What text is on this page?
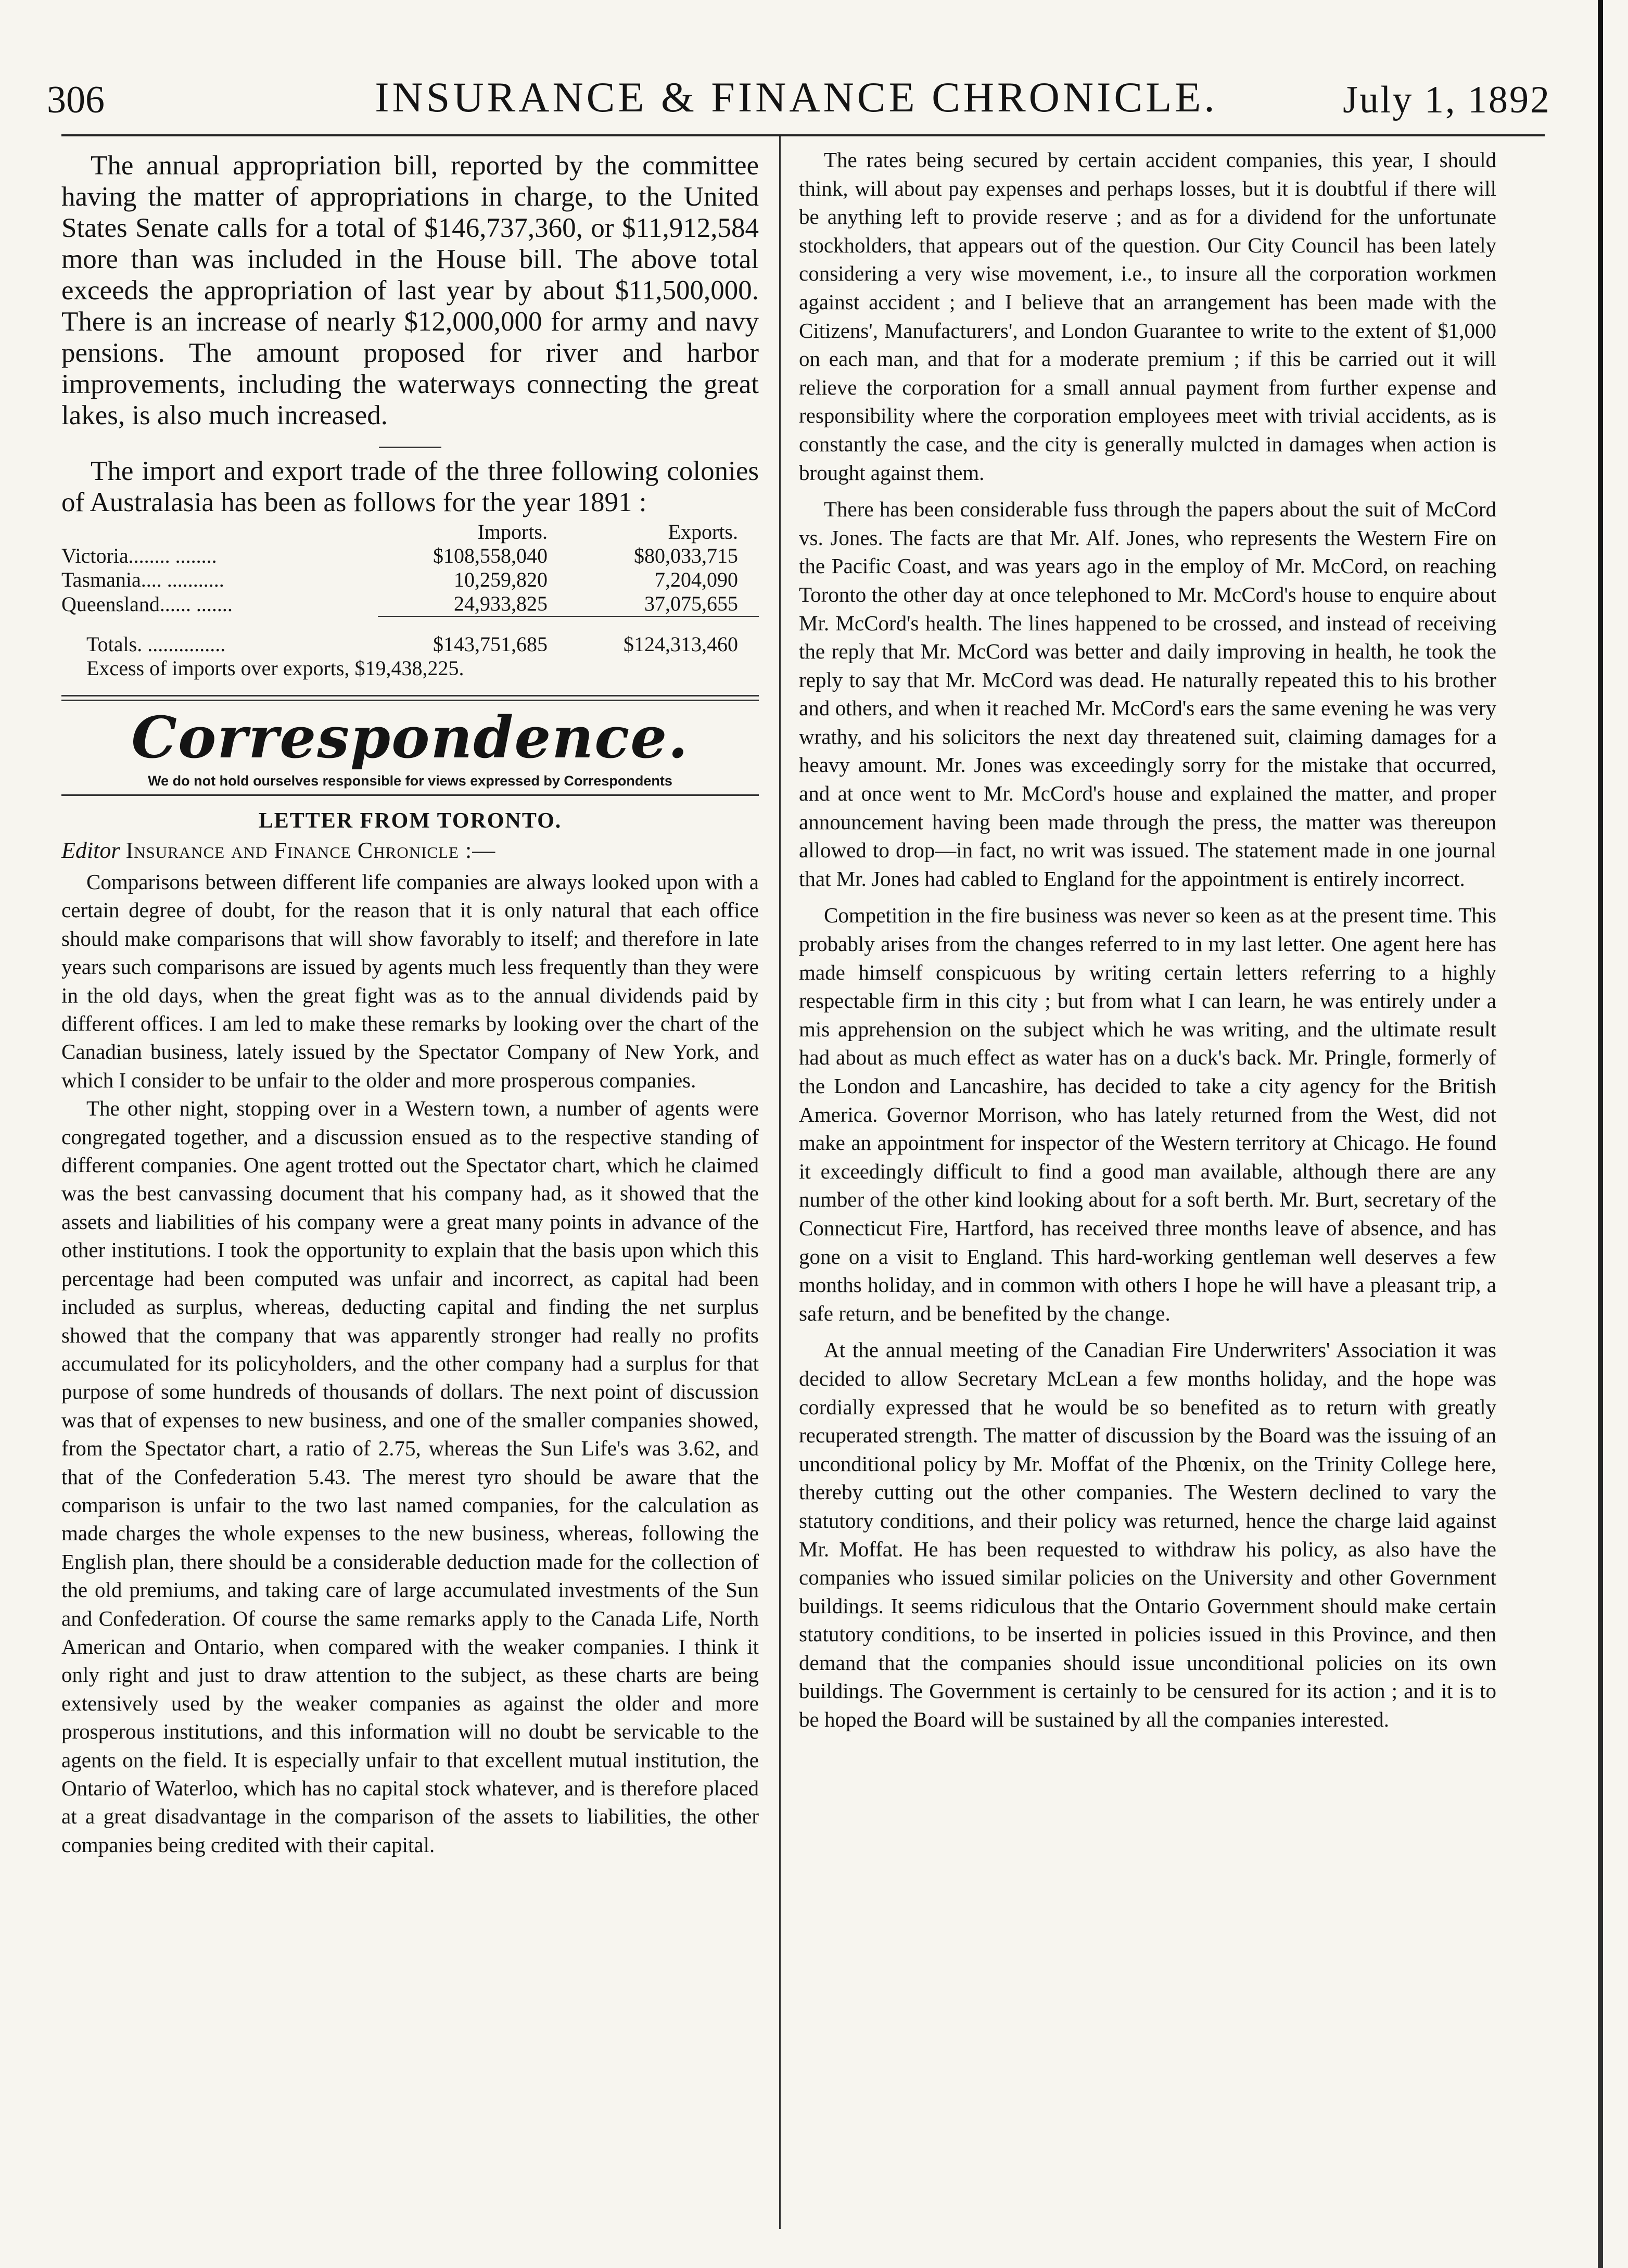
306	INSURANCE & FINANCE CHRONICLE.	July 1, 1892

The annual appropriation bill, reported by the committee having the matter of appropriations in charge, to the United States Senate calls for a total of $146,737,360, or $11,912,584 more than was included in the House bill. The above total exceeds the appropriation of last year by about $11,500,000. There is an increase of nearly $12,000,000 for army and navy pensions. The amount proposed for river and harbor improvements, including the waterways connecting the great lakes, is also much increased.

The import and export trade of the three following colonies of Australasia has been as follows for the year 1891 :

	Imports.	Exports.
Victoria........ ........	$108,558,040	$80,033,715
Tasmania.... ...........	10,259,820	7,204,090
Queensland...... .......	24,933,825	37,075,655
Totals. ...............	$143,751,685	$124,313,460
Excess of imports over exports, $19,438,225.
Correspondence.
We do not hold ourselves responsible for views expressed by Correspondents
LETTER FROM TORONTO.
Editor Insurance and Finance Chronicle :—

Comparisons between different life companies are always looked upon with a certain degree of doubt, for the reason that it is only natural that each office should make comparisons that will show favorably to itself; and therefore in late years such comparisons are issued by agents much less frequently than they were in the old days, when the great fight was as to the annual dividends paid by different offices. I am led to make these remarks by looking over the chart of the Canadian business, lately issued by the Spectator Company of New York, and which I consider to be unfair to the older and more prosperous companies.

The other night, stopping over in a Western town, a number of agents were congregated together, and a discussion ensued as to the respective standing of different companies. One agent trotted out the Spectator chart, which he claimed was the best canvassing document that his company had, as it showed that the assets and liabilities of his company were a great many points in advance of the other institutions. I took the opportunity to explain that the basis upon which this percentage had been computed was unfair and incorrect, as capital had been included as surplus, whereas, deducting capital and finding the net surplus showed that the company that was apparently stronger had really no profits accumulated for its policyholders, and the other company had a surplus for that purpose of some hundreds of thousands of dollars. The next point of discussion was that of expenses to new business, and one of the smaller companies showed, from the Spectator chart, a ratio of 2.75, whereas the Sun Life's was 3.62, and that of the Confederation 5.43. The merest tyro should be aware that the comparison is unfair to the two last named companies, for the calculation as made charges the whole expenses to the new business, whereas, following the English plan, there should be a considerable deduction made for the collection of the old premiums, and taking care of large accumulated investments of the Sun and Confederation. Of course the same remarks apply to the Canada Life, North American and Ontario, when compared with the weaker companies. I think it only right and just to draw attention to the subject, as these charts are being extensively used by the weaker companies as against the older and more prosperous institutions, and this information will no doubt be servicable to the agents on the field. It is especially unfair to that excellent mutual institution, the Ontario of Waterloo, which has no capital stock whatever, and is therefore placed at a great disadvantage in the comparison of the assets to liabilities, the other companies being credited with their capital.

The rates being secured by certain accident companies, this year, I should think, will about pay expenses and perhaps losses, but it is doubtful if there will be anything left to provide reserve ; and as for a dividend for the unfortunate stockholders, that appears out of the question. Our City Council has been lately considering a very wise movement, i.e., to insure all the corporation workmen against accident ; and I believe that an arrangement has been made with the Citizens', Manufacturers', and London Guarantee to write to the extent of $1,000 on each man, and that for a moderate premium ; if this be carried out it will relieve the corporation for a small annual payment from further expense and responsibility where the corporation employees meet with trivial accidents, as is constantly the case, and the city is generally mulcted in damages when action is brought against them.

There has been considerable fuss through the papers about the suit of McCord vs. Jones. The facts are that Mr. Alf. Jones, who represents the Western Fire on the Pacific Coast, and was years ago in the employ of Mr. McCord, on reaching Toronto the other day at once telephoned to Mr. McCord's house to enquire about Mr. McCord's health. The lines happened to be crossed, and instead of receiving the reply that Mr. McCord was better and daily improving in health, he took the reply to say that Mr. McCord was dead. He naturally repeated this to his brother and others, and when it reached Mr. McCord's ears the same evening he was very wrathy, and his solicitors the next day threatened suit, claiming damages for a heavy amount. Mr. Jones was exceedingly sorry for the mistake that occurred, and at once went to Mr. McCord's house and explained the matter, and proper announcement having been made through the press, the matter was thereupon allowed to drop—in fact, no writ was issued. The statement made in one journal that Mr. Jones had cabled to England for the appointment is entirely incorrect.

Competition in the fire business was never so keen as at the present time. This probably arises from the changes referred to in my last letter. One agent here has made himself conspicuous by writing certain letters referring to a highly respectable firm in this city ; but from what I can learn, he was entirely under a mis apprehension on the subject which he was writing, and the ultimate result had about as much effect as water has on a duck's back. Mr. Pringle, formerly of the London and Lancashire, has decided to take a city agency for the British America. Governor Morrison, who has lately returned from the West, did not make an appointment for inspector of the Western territory at Chicago. He found it exceedingly difficult to find a good man available, although there are any number of the other kind looking about for a soft berth. Mr. Burt, secretary of the Connecticut Fire, Hartford, has received three months leave of absence, and has gone on a visit to England. This hard-working gentleman well deserves a few months holiday, and in common with others I hope he will have a pleasant trip, a safe return, and be benefited by the change.

At the annual meeting of the Canadian Fire Underwriters' Association it was decided to allow Secretary McLean a few months holiday, and the hope was cordially expressed that he would be so benefited as to return with greatly recuperated strength. The matter of discussion by the Board was the issuing of an unconditional policy by Mr. Moffat of the Phœnix, on the Trinity College here, thereby cutting out the other companies. The Western declined to vary the statutory conditions, and their policy was returned, hence the charge laid against Mr. Moffat. He has been requested to withdraw his policy, as also have the companies who issued similar policies on the University and other Government buildings. It seems ridiculous that the Ontario Government should make certain statutory conditions, to be inserted in policies issued in this Province, and then demand that the companies should issue unconditional policies on its own buildings. The Government is certainly to be censured for its action ; and it is to be hoped the Board will be sustained by all the companies interested.
